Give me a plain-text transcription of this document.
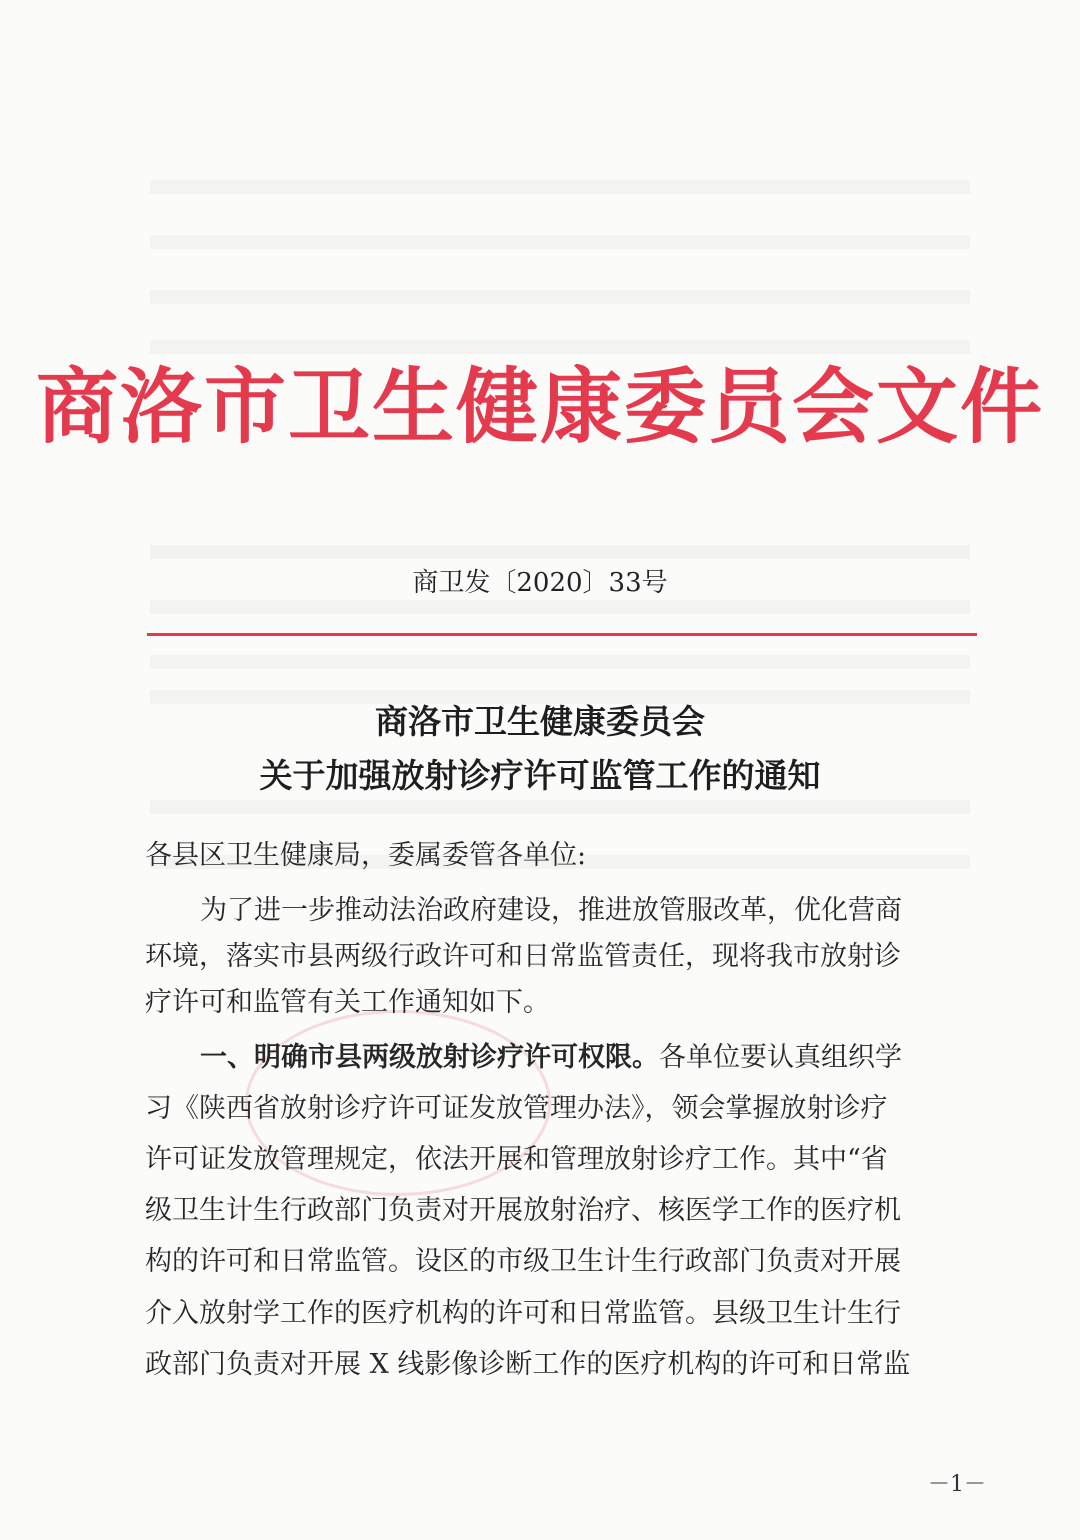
商洛市卫生健康委员会文件
商卫发〔2020〕33号
商洛市卫生健康委员会
关于加强放射诊疗许可监管工作的通知
各县区卫生健康局，委属委管各单位:
为了进一步推动法治政府建设，推进放管服改革，优化营商
环境，落实市县两级行政许可和日常监管责任，现将我市放射诊
疗许可和监管有关工作通知如下。
一、明确市县两级放射诊疗许可权限。各单位要认真组织学
习《陕西省放射诊疗许可证发放管理办法》，领会掌握放射诊疗
许可证发放管理规定，依法开展和管理放射诊疗工作。其中“省
级卫生计生行政部门负责对开展放射治疗、核医学工作的医疗机
构的许可和日常监管。设区的市级卫生计生行政部门负责对开展
介入放射学工作的医疗机构的许可和日常监管。县级卫生计生行
政部门负责对开展 X 线影像诊断工作的医疗机构的许可和日常监
－1－
